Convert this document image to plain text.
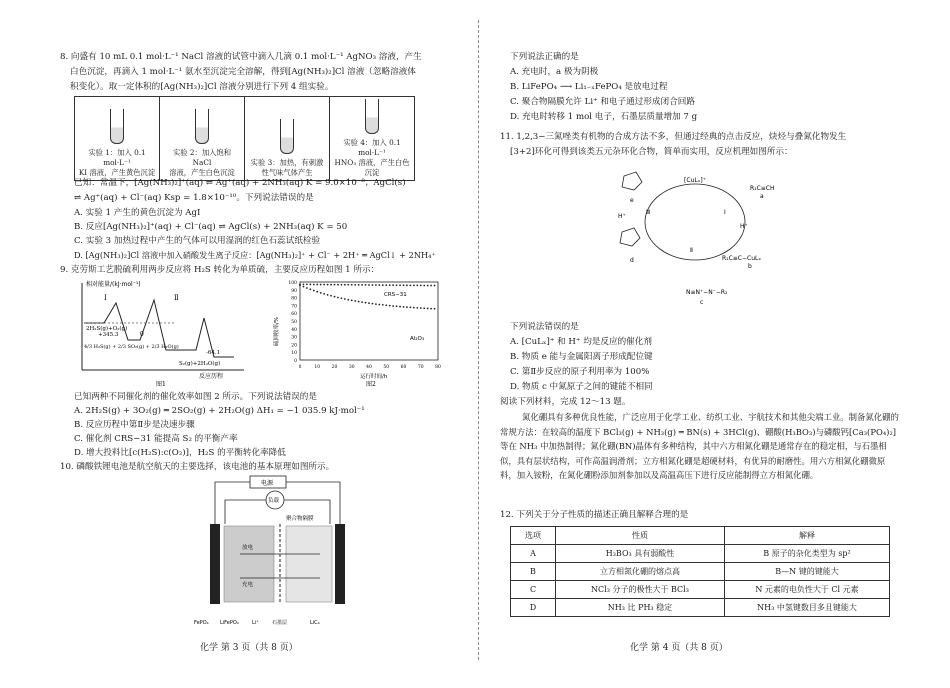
8. 向盛有 10 mL 0.1 mol·L⁻¹ NaCl 溶液的试管中滴入几滴 0.1 mol·L⁻¹ AgNO₃ 溶液，产生
白色沉淀，再滴入 1 mol·L⁻¹ 氨水至沉淀完全溶解，得到[Ag(NH₃)₂]Cl 溶液（忽略溶液体
积变化）。取一定体积的[Ag(NH₃)₂]Cl 溶液分别进行下列 4 组实验。
实验 1：加入 0.1 mol·L⁻¹
KI 溶液，产生黄色沉淀

实验 2：加入饱和 NaCl
溶液，产生白色沉淀

实验 3：加热，有刺激
性气味气体产生

实验 4：加入 0.1 mol·L⁻¹
HNO₃ 溶液，产生白色沉淀
已知：常温下，[Ag(NH₃)₂]⁺(aq) ⇌ Ag⁺(aq) + 2NH₃(aq) K = 9.0×10⁻⁸；AgCl(s)
⇌ Ag⁺(aq) + Cl⁻(aq) Ksp = 1.8×10⁻¹⁰。下列说法错误的是
A. 实验 1 产生的黄色沉淀为 AgI
B. 反应[Ag(NH₃)₂]⁺(aq) + Cl⁻(aq) ⇌ AgCl(s) + 2NH₃(aq) K = 50
C. 实验 3 加热过程中产生的气体可以用湿润的红色石蕊试纸检验
D. [Ag(NH₃)₂]Cl 溶液中加入硝酸发生离子反应：[Ag(NH₃)₂]⁺ + Cl⁻ + 2H⁺ ═ AgCl↓ + 2NH₄⁺
9. 克劳斯工艺脱硫利用两步反应将 H₂S 转化为单质硫，主要反应历程如图 1 所示：
相对能量/(kJ·mol⁻¹)
Ⅰ	Ⅱ
2H₂S(g)+O₂(g)
+345.3	0
4/3 H₂S(g) + 2/3 SO₂(g) + 2/3 H₂O(g)
-64.1
S₂(g)+2H₂O(g)
反应历程
图1
硫回收率/%
运行时间/h
图2
CRS−31
Al₂O₃
100
90
80
70
60
50
40
30
20
10
0
0	10	20	30	40	50	60	70	80
已知两种不同催化剂的催化效率如图 2 所示。下列说法错误的是
A. 2H₂S(g) + 3O₂(g) ═ 2SO₂(g) + 2H₂O(g) ΔH₁ = −1 035.9 kJ·mol⁻¹
B. 反应历程中第Ⅱ步是决速步骤
C. 催化剂 CRS−31 能提高 S₂ 的平衡产率
D. 增大投料比[c(H₂S):c(O₂)]，H₂S 的平衡转化率降低
10. 磷酸铁锂电池是航空航天的主要选择，该电池的基本原理如图所示。
电源
负载
聚合物隔膜
放电
充电
FePO₄ LiFePO₄	Li⁺	石墨层	LiC₆
化学 第 3 页（共 8 页）
下列说法正确的是
A. 充电时，a 极为阴极
B. LiFePO₄ ⟶ Li₁₋ₓFePO₄ 是放电过程
C. 聚合物隔膜允许 Li⁺ 和电子通过形成闭合回路
D. 充电时转移 1 mol 电子，石墨层质量增加 7 g
11. 1,2,3−三氮唑类有机物的合成方法不多，但通过经典的点击反应，炔烃与叠氮化物发生
[3+2]环化可得到该类五元杂环化合物，简单而实用，反应机理如图所示：
[CuLₓ]⁺
R₁C≡CH
a
R₁C≡C−CuLₓ
b
N≡N⁺−N⁻−R₂
c
d
e
H⁺
H⁺
Ⅰ
Ⅱ
Ⅲ
下列说法错误的是
A. [CuLₓ]⁺ 和 H⁺ 均是反应的催化剂
B. 物质 e 能与金属阳离子形成配位键
C. 第Ⅱ步反应的原子利用率为 100%
D. 物质 c 中氮原子之间的键能不相同
阅读下列材料，完成 12～13 题。
氮化硼具有多种优良性能，广泛应用于化学工业、纺织工业、宇航技术和其他尖端工业。制备氮化硼的常规方法：在较高的温度下 BCl₃(g) + NH₃(g) ═ BN(s) + 3HCl(g)、硼酸(H₃BO₃)与磷酸钙[Ca₃(PO₄)₂]等在 NH₃ 中加热制得；氮化硼(BN)晶体有多种结构，其中六方相氮化硼是通常存在的稳定相，与石墨相似，具有层状结构，可作高温润滑剂；立方相氮化硼是超硬材料，有优异的耐磨性。用六方相氮化硼微原料，加入铵粉，在氮化硼粉添加剂参加以及高温高压下进行反应能制得立方相氮化硼。
12. 下列关于分子性质的描述正确且解释合理的是
选项	性质	解释
A	H₃BO₃ 具有弱酸性	B 原子的杂化类型为 sp²
B	立方相氮化硼的熔点高	B—N 键的键能大
C	NCl₃ 分子的极性大于 BCl₃	N 元素的电负性大于 Cl 元素
D	NH₃ 比 PH₃ 稳定	NH₃ 中氢键数目多且键能大
化学 第 4 页（共 8 页）
